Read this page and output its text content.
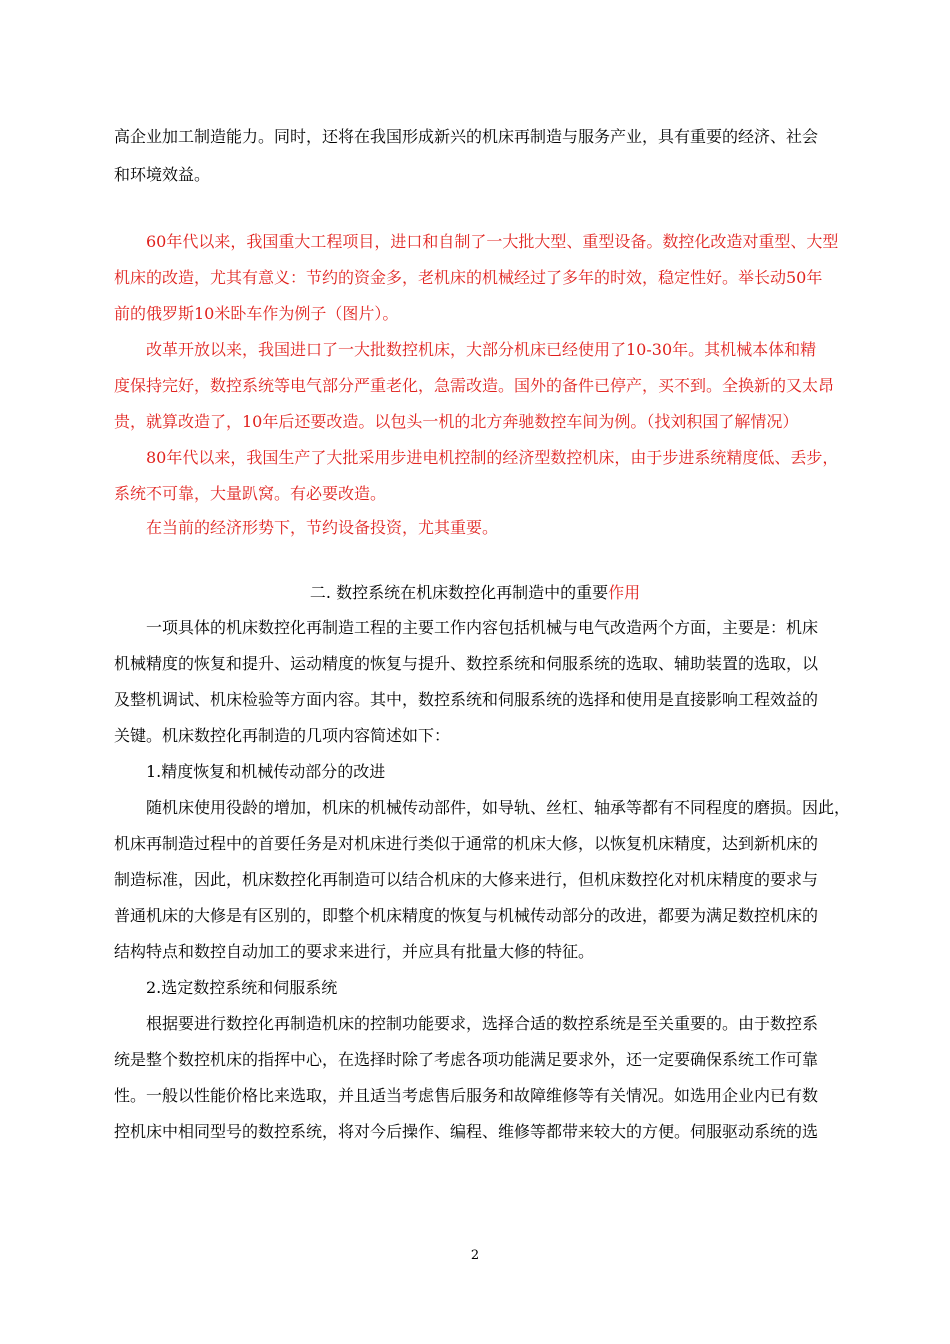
高企业加工制造能力。同时，还将在我国形成新兴的机床再制造与服务产业，具有重要的经济、社会
和环境效益。
60年代以来，我国重大工程项目，进口和自制了一大批大型、重型设备。数控化改造对重型、大型
机床的改造，尤其有意义：节约的资金多，老机床的机械经过了多年的时效，稳定性好。举长动50年
前的俄罗斯10米卧车作为例子（图片）。
改革开放以来，我国进口了一大批数控机床，大部分机床已经使用了10-30年。其机械本体和精
度保持完好，数控系统等电气部分严重老化，急需改造。国外的备件已停产，买不到。全换新的又太昂
贵，就算改造了，10年后还要改造。以包头一机的北方奔驰数控车间为例。（找刘积国了解情况）
80年代以来，我国生产了大批采用步进电机控制的经济型数控机床，由于步进系统精度低、丢步，
系统不可靠，大量趴窝。有必要改造。
在当前的经济形势下，节约设备投资，尤其重要。
一项具体的机床数控化再制造工程的主要工作内容包括机械与电气改造两个方面，主要是：机床
机械精度的恢复和提升、运动精度的恢复与提升、数控系统和伺服系统的选取、辅助装置的选取，以
及整机调试、机床检验等方面内容。其中，数控系统和伺服系统的选择和使用是直接影响工程效益的
关键。机床数控化再制造的几项内容简述如下：
1.精度恢复和机械传动部分的改进
随机床使用役龄的增加，机床的机械传动部件，如导轨、丝杠、轴承等都有不同程度的磨损。因此，
机床再制造过程中的首要任务是对机床进行类似于通常的机床大修，以恢复机床精度，达到新机床的
制造标准，因此，机床数控化再制造可以结合机床的大修来进行，但机床数控化对机床精度的要求与
普通机床的大修是有区别的，即整个机床精度的恢复与机械传动部分的改进，都要为满足数控机床的
结构特点和数控自动加工的要求来进行，并应具有批量大修的特征。
2.选定数控系统和伺服系统
根据要进行数控化再制造机床的控制功能要求，选择合适的数控系统是至关重要的。由于数控系
统是整个数控机床的指挥中心，在选择时除了考虑各项功能满足要求外，还一定要确保系统工作可靠
性。一般以性能价格比来选取，并且适当考虑售后服务和故障维修等有关情况。如选用企业内已有数
控机床中相同型号的数控系统，将对今后操作、编程、维修等都带来较大的方便。伺服驱动系统的选
二. 数控系统在机床数控化再制造中的重要作用
2
